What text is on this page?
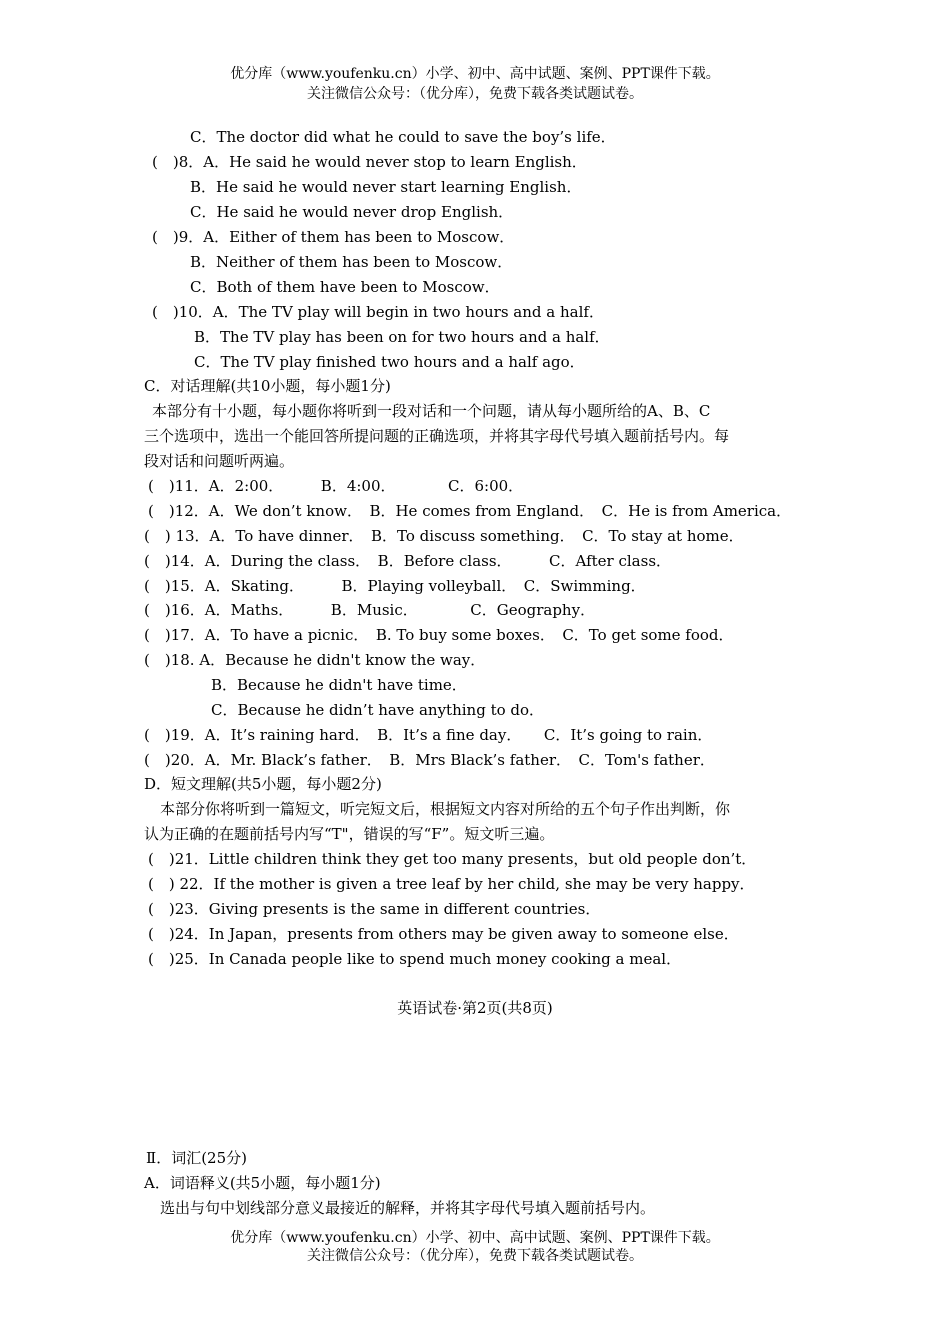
优分库（www.youfenku.cn）小学、初中、高中试题、案例、PPT课件下载。
关注微信公众号：（优分库），免费下载各类试题试卷。
C．The doctor did what he could to save the boy’s life．
(　)8．A．He said he would never stop to learn English．
B．He said he would never start learning English．
C．He said he would never drop English．
(　)9．A．Either of them has been to Moscow．
B．Neither of them has been to Moscow．
C．Both of them have been to Moscow．
(　)10．A．The TV play will begin in two hours and a half．
B．The TV play has been on for two hours and a half．
C．The TV play finished two hours and a half ago．
C．对话理解(共10小题，每小题1分)
本部分有十小题，每小题你将听到一段对话和一个问题，请从每小题所给的A、B、C
三个选项中，选出一个能回答所提问题的正确选项，并将其字母代号填入题前括号内。每
段对话和问题听两遍。
(　)11．A．2:00．　　　B．4:00．　　　　C．6:00．
(　)12．A．We don’t know．　B．He comes from England．　C．He is from America．
(　) 13．A．To have dinner．　B．To discuss something．　C．To stay at home．
(　)14．A．During the class．　B．Before class．　　　C．After class．
(　)15．A．Skating．　　　B．Playing volleyball．　C．Swimming．
(　)16．A．Maths．　　　B．Music．　　　　C．Geography．
(　)17．A．To have a picnic．　B. To buy some boxes．　C．To get some food．
(　)18. A．Because he didn't know the way．
B．Because he didn't have time．
C．Because he didn’t have anything to do．
(　)19．A．It’s raining hard．　B．It’s a fine day．　　C．It’s going to rain．
(　)20．A．Mr. Black’s father．　B．Mrs Black’s father．　C．Tom's father．
D．短文理解(共5小题，每小题2分)
本部分你将听到一篇短文，听完短文后，根据短文内容对所给的五个句子作出判断，你
认为正确的在题前括号内写“T"，错误的写“F”。短文听三遍。
(　)21．Little children think they get too many presents，but old people don’t．
(　) 22．If the mother is given a tree leaf by her child, she may be very happy．
(　)23．Giving presents is the same in different countries．
(　)24．In Japan，presents from others may be given away to someone else．
(　)25．In Canada people like to spend much money cooking a meal．
英语试卷·第2页(共8页)
Ⅱ．词汇(25分)
A．词语释义(共5小题，每小题1分)
选出与句中划线部分意义最接近的解释，并将其字母代号填入题前括号内。
优分库（www.youfenku.cn）小学、初中、高中试题、案例、PPT课件下载。
关注微信公众号：（优分库），免费下载各类试题试卷。
